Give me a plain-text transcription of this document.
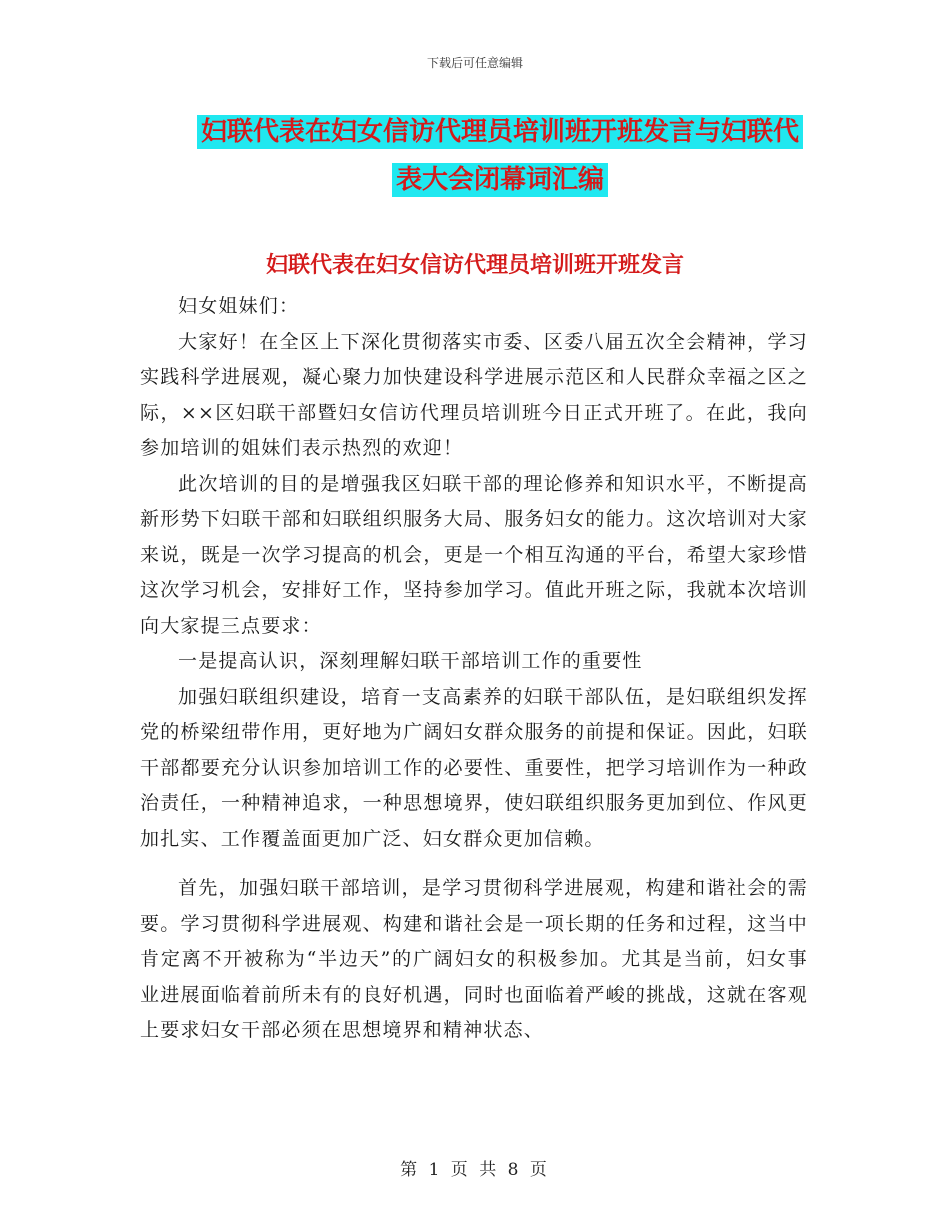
下载后可任意编辑
妇联代表在妇女信访代理员培训班开班发言与妇联代
表大会闭幕词汇编
妇联代表在妇女信访代理员培训班开班发言

妇女姐妹们：

大家好！在全区上下深化贯彻落实市委、区委八届五次全会精神，学习实践科学进展观，凝心聚力加快建设科学进展示范区和人民群众幸福之区之际，××区妇联干部暨妇女信访代理员培训班今日正式开班了。在此，我向参加培训的姐妹们表示热烈的欢迎！

此次培训的目的是增强我区妇联干部的理论修养和知识水平，不断提高新形势下妇联干部和妇联组织服务大局、服务妇女的能力。这次培训对大家来说，既是一次学习提高的机会，更是一个相互沟通的平台，希望大家珍惜这次学习机会，安排好工作，坚持参加学习。值此开班之际，我就本次培训向大家提三点要求：

一是提高认识，深刻理解妇联干部培训工作的重要性

加强妇联组织建设，培育一支高素养的妇联干部队伍，是妇联组织发挥党的桥梁纽带作用，更好地为广阔妇女群众服务的前提和保证。因此，妇联干部都要充分认识参加培训工作的必要性、重要性，把学习培训作为一种政治责任，一种精神追求，一种思想境界，使妇联组织服务更加到位、作风更加扎实、工作覆盖面更加广泛、妇女群众更加信赖。

首先，加强妇联干部培训，是学习贯彻科学进展观，构建和谐社会的需要。学习贯彻科学进展观、构建和谐社会是一项长期的任务和过程，这当中肯定离不开被称为“半边天”的广阔妇女的积极参加。尤其是当前，妇女事业进展面临着前所未有的良好机遇，同时也面临着严峻的挑战，这就在客观上要求妇女干部必须在思想境界和精神状态、

第 1 页 共 8 页
